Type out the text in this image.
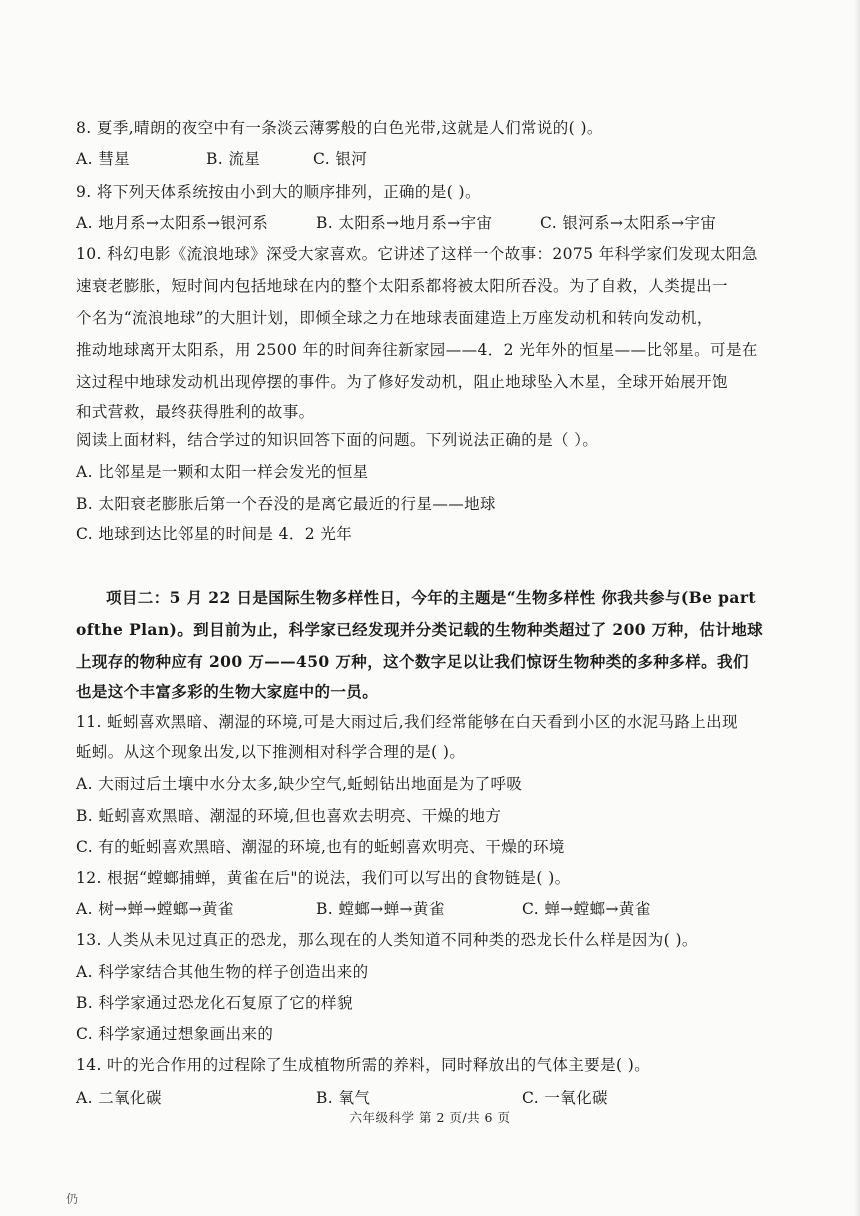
8. 夏季,晴朗的夜空中有一条淡云薄雾般的白色光带,这就是人们常说的( )。
A. 彗星	B. 流星	C. 银河
9. 将下列天体系统按由小到大的顺序排列，正确的是( )。
A. 地月系→太阳系→银河系	B. 太阳系→地月系→宇宙	C. 银河系→太阳系→宇宙
10. 科幻电影《流浪地球》深受大家喜欢。它讲述了这样一个故事：2075 年科学家们发现太阳急
速衰老膨胀，短时间内包括地球在内的整个太阳系都将被太阳所吞没。为了自救，人类提出一
个名为“流浪地球”的大胆计划，即倾全球之力在地球表面建造上万座发动机和转向发动机，
推动地球离开太阳系，用 2500 年的时间奔往新家园——4．2 光年外的恒星——比邻星。可是在
这过程中地球发动机出现停摆的事件。为了修好发动机，阻止地球坠入木星，全球开始展开饱
和式营救，最终获得胜利的故事。
阅读上面材料，结合学过的知识回答下面的问题。下列说法正确的是（ ）。
A. 比邻星是一颗和太阳一样会发光的恒星
B. 太阳衰老膨胀后第一个吞没的是离它最近的行星——地球
C. 地球到达比邻星的时间是 4．2 光年
项目二：5 月 22 日是国际生物多样性日，今年的主题是“生物多样性 你我共参与(Be part
ofthe Plan)。到目前为止，科学家已经发现并分类记载的生物种类超过了 200 万种，估计地球
上现存的物种应有 200 万——450 万种，这个数字足以让我们惊讶生物种类的多种多样。我们
也是这个丰富多彩的生物大家庭中的一员。
11. 蚯蚓喜欢黑暗、潮湿的环境,可是大雨过后,我们经常能够在白天看到小区的水泥马路上出现
蚯蚓。从这个现象出发,以下推测相对科学合理的是( )。
A. 大雨过后土壤中水分太多,缺少空气,蚯蚓钻出地面是为了呼吸
B. 蚯蚓喜欢黑暗、潮湿的环境,但也喜欢去明亮、干燥的地方
C. 有的蚯蚓喜欢黑暗、潮湿的环境,也有的蚯蚓喜欢明亮、干燥的环境
12. 根据“螳螂捕蝉，黄雀在后"的说法，我们可以写出的食物链是( )。
A. 树→蝉→螳螂→黄雀	B. 螳螂→蝉→黄雀	C. 蝉→螳螂→黄雀
13. 人类从未见过真正的恐龙，那么现在的人类知道不同种类的恐龙长什么样是因为( )。
A. 科学家结合其他生物的样子创造出来的
B. 科学家通过恐龙化石复原了它的样貌
C. 科学家通过想象画出来的
14. 叶的光合作用的过程除了生成植物所需的养料，同时释放出的气体主要是( )。
A. 二氧化碳	B. 氧气	C. 一氧化碳
六年级科学 第 2 页/共 6 页
仍
